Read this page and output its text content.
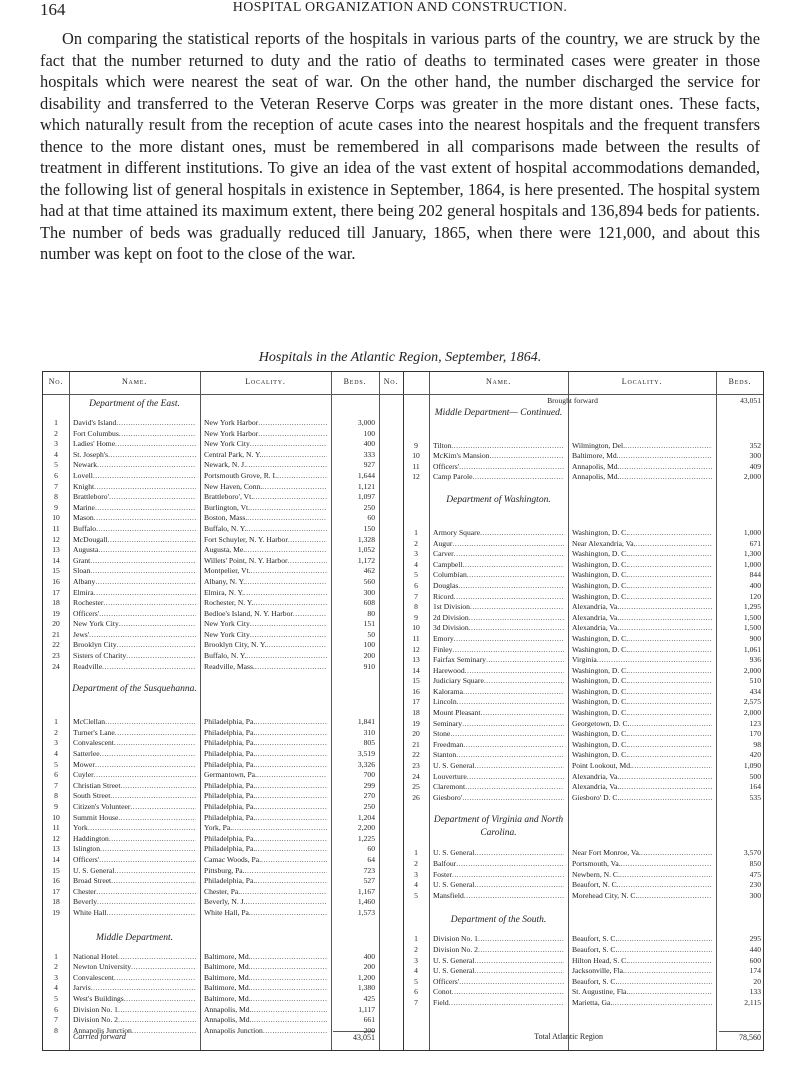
164	HOSPITAL ORGANIZATION AND CONSTRUCTION.

On comparing the statistical reports of the hospitals in various parts of the country, we are struck by the fact that the number returned to duty and the ratio of deaths to terminated cases were greater in those hospitals which were nearest the seat of war. On the other hand, the number discharged the service for disability and transferred to the Veteran Reserve Corps was greater in the more distant ones. These facts, which naturally result from the reception of acute cases into the nearest hospitals and the frequent transfers thence to the more distant ones, must be remembered in all comparisons made between the results of treatment in different institutions. To give an idea of the vast extent of hospital accommodations demanded, the following list of general hospitals in existence in September, 1864, is here presented. The hospital system had at that time attained its maximum extent, there being 202 general hospitals and 136,894 beds for patients. The number of beds was gradually reduced till January, 1865, when there were 121,000, and about this number was kept on foot to the close of the war.

Hospitals in the Atlantic Region, September, 1864.
No.	Name.	Locality.	Beds.	No.	Name.	Locality.	Beds.
Department of the East.
1	David's Island .....	New York Harbor .....	3,000
2	Fort Columbus .....	New York Harbor .....	100
3	Ladies' Home .....	New York City .....	400
4	St. Joseph's .....	Central Park, N. Y. .....	333
5	Newark .....	Newark, N. J. .....	927
6	Lovell .....	Portsmouth Grove, R. I. .....	1,644
7	Knight .....	New Haven, Conn. .....	1,121
8	Brattleboro' .....	Brattleboro', Vt. .....	1,097
9	Marine .....	Burlington, Vt. .....	250
10	Mason .....	Boston, Mass. .....	60
11	Buffalo .....	Buffalo, N. Y. .....	150
12	McDougall .....	Fort Schuyler, N. Y. Harbor .....	1,328
13	Augusta .....	Augusta, Me. .....	1,052
14	Grant .....	Willets' Point, N. Y. Harbor .....	1,172
15	Sloan .....	Montpelier, Vt. .....	462
16	Albany .....	Albany, N. Y. .....	560
17	Elmira .....	Elmira, N. Y. .....	300
18	Rochester .....	Rochester, N. Y. .....	608
19	Officers' .....	Bedloe's Island, N. Y. Harbor .....	80
20	New York City .....	New York City .....	151
21	Jews' .....	New York City .....	50
22	Brooklyn City .....	Brooklyn City, N. Y. .....	100
23	Sisters of Charity .....	Buffalo, N. Y. .....	200
24	Readville .....	Readville, Mass. .....	910
Department of the Susquehanna.
1	McClellan .....	Philadelphia, Pa. .....	1,841
2	Turner's Lane .....	Philadelphia, Pa. .....	310
3	Convalescent .....	Philadelphia, Pa. .....	805
4	Satterlee .....	Philadelphia, Pa. .....	3,519
5	Mower .....	Philadelphia, Pa. .....	3,326
6	Cuyler .....	Germantown, Pa. .....	700
7	Christian Street .....	Philadelphia, Pa. .....	299
8	South Street .....	Philadelphia, Pa. .....	270
9	Citizen's Volunteer .....	Philadelphia, Pa. .....	250
10	Summit House .....	Philadelphia, Pa. .....	1,204
11	York .....	York, Pa. .....	2,200
12	Haddington .....	Philadelphia, Pa. .....	1,225
13	Islington .....	Philadelphia, Pa. .....	60
14	Officers' .....	Camac Woods, Pa. .....	64
15	U. S. General .....	Pittsburg, Pa. .....	723
16	Broad Street .....	Philadelphia, Pa. .....	527
17	Chester .....	Chester, Pa. .....	1,167
18	Beverly .....	Beverly, N. J. .....	1,460
19	White Hall .....	White Hall, Pa. .....	1,573
Middle Department.
1	National Hotel .....	Baltimore, Md. .....	400
2	Newton University .....	Baltimore, Md. .....	200
3	Convalescent .....	Baltimore, Md. .....	1,200
4	Jarvis .....	Baltimore, Md. .....	1,380
5	West's Buildings .....	Baltimore, Md. .....	425
6	Division No. 1 .....	Annapolis, Md. .....	1,117
7	Division No. 2 .....	Annapolis, Md. .....	661
8	Annapolis Junction .....	Annapolis Junction .....	200
Brought forward	43,051
Middle Department— Continued.
9	Tilton .....	Wilmington, Del. .....	352
10	McKim's Mansion .....	Baltimore, Md. .....	300
11	Officers' .....	Annapolis, Md. .....	409
12	Camp Parole .....	Annapolis, Md. .....	2,000
Department of Washington.
1	Armory Square .....	Washington, D. C. .....	1,000
2	Augur .....	Near Alexandria, Va. .....	671
3	Carver .....	Washington, D. C. .....	1,300
4	Campbell .....	Washington, D. C. .....	1,000
5	Columbian .....	Washington, D. C. .....	844
6	Douglas .....	Washington, D. C. .....	400
7	Ricord .....	Washington, D. C. .....	120
8	1st Division .....	Alexandria, Va. .....	1,295
9	2d Division .....	Alexandria, Va. .....	1,500
10	3d Division .....	Alexandria, Va. .....	1,500
11	Emory .....	Washington, D. C. .....	900
12	Finley .....	Washington, D. C. .....	1,061
13	Fairfax Seminary .....	Virginia .....	936
14	Harewood .....	Washington, D. C. .....	2,000
15	Judiciary Square .....	Washington, D. C. .....	510
16	Kalorama .....	Washington, D. C. .....	434
17	Lincoln .....	Washington, D. C. .....	2,575
18	Mount Pleasant .....	Washington, D. C. .....	2,000
19	Seminary .....	Georgetown, D. C. .....	123
20	Stone .....	Washington, D. C. .....	170
21	Freedman .....	Washington, D. C. .....	98
22	Stanton .....	Washington, D. C. .....	420
23	U. S. General .....	Point Lookout, Md. .....	1,090
24	Louverture .....	Alexandria, Va. .....	500
25	Claremont .....	Alexandria, Va. .....	164
26	Giesboro' .....	Giesboro' D. C. .....	535
Department of Virginia and North Carolina.
1	U. S. General .....	Near Fort Monroe, Va. .....	3,570
2	Balfour .....	Portsmouth, Va. .....	850
3	Foster .....	Newbern, N. C. .....	475
4	U. S. General .....	Beaufort, N. C. .....	230
5	Mansfield .....	Morehead City, N. C. .....	300
Department of the South.
1	Division No. 1 .....	Beaufort, S. C. .....	295
2	Division No. 2 .....	Beaufort, S. C. .....	440
3	U. S. General .....	Hilton Head, S. C. .....	600
4	U. S. General .....	Jacksonville, Fla. .....	174
5	Officers' .....	Beaufort, S. C. .....	20
6	Conot .....	St. Augustine, Fla. .....	133
7	Field .....	Marietta, Ga. .....	2,115
Carried forward	43,051	Total Atlantic Region	78,560
